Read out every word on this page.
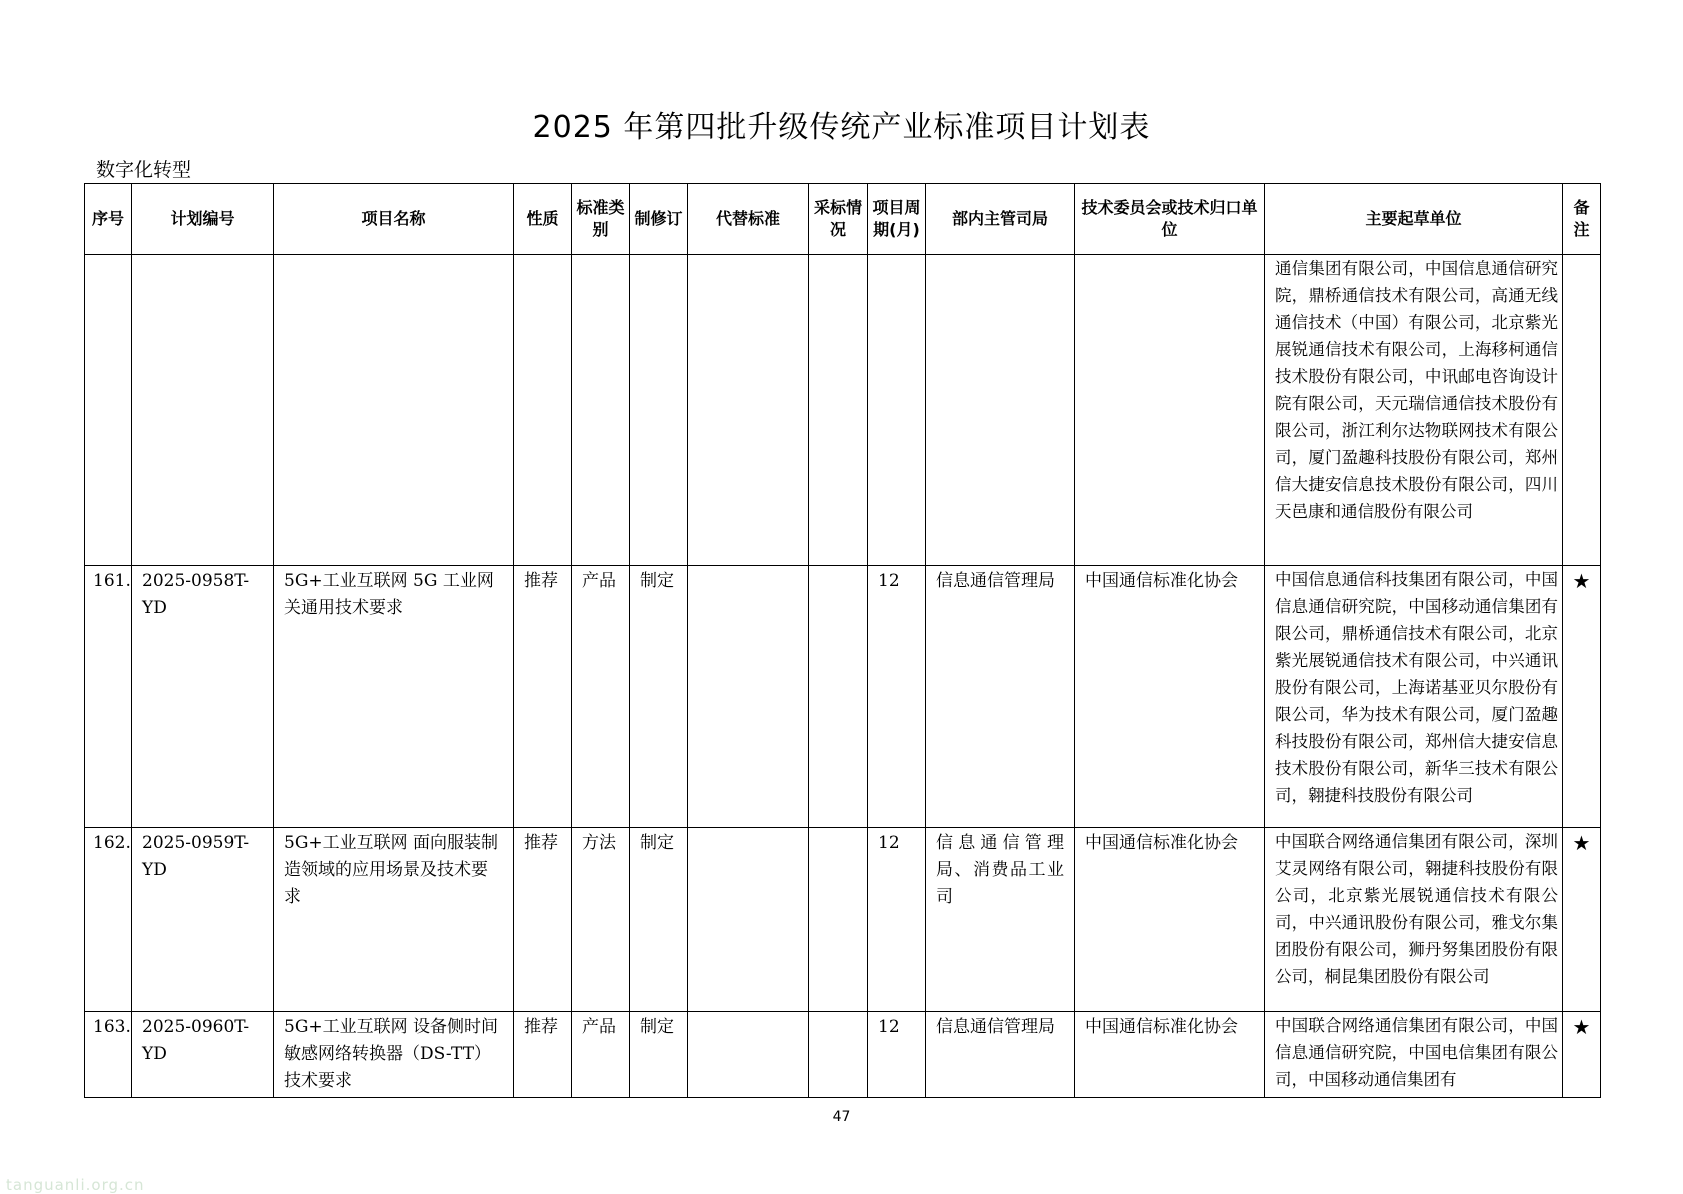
2025 年第四批升级传统产业标准项目计划表
数字化转型
序号	计划编号	项目名称	性质	标准类别	制修订	代替标准	采标情况	项目周期(月)	部内主管司局	技术委员会或技术归口单位	主要起草单位	备注
											通信集团有限公司，中国信息通信研究院，鼎桥通信技术有限公司，高通无线通信技术（中国）有限公司，北京紫光展锐通信技术有限公司，上海移柯通信技术股份有限公司，中讯邮电咨询设计院有限公司，天元瑞信通信技术股份有限公司，浙江利尔达物联网技术有限公司，厦门盈趣科技股份有限公司，郑州信大捷安信息技术股份有限公司，四川天邑康和通信股份有限公司	
161.	2025-0958T-YD	5G+工业互联网 5G 工业网关通用技术要求	推荐	产品	制定			12	信息通信管理局	中国通信标准化协会	中国信息通信科技集团有限公司，中国信息通信研究院，中国移动通信集团有限公司，鼎桥通信技术有限公司，北京紫光展锐通信技术有限公司，中兴通讯股份有限公司，上海诺基亚贝尔股份有限公司，华为技术有限公司，厦门盈趣科技股份有限公司，郑州信大捷安信息技术股份有限公司，新华三技术有限公司，翱捷科技股份有限公司	★
162.	2025-0959T-YD	5G+工业互联网 面向服装制造领域的应用场景及技术要求	推荐	方法	制定			12	信息通信管理局、消费品工业司	中国通信标准化协会	中国联合网络通信集团有限公司，深圳艾灵网络有限公司，翱捷科技股份有限公司，北京紫光展锐通信技术有限公司，中兴通讯股份有限公司，雅戈尔集团股份有限公司，狮丹努集团股份有限公司，桐昆集团股份有限公司	★
163.	2025-0960T-YD	5G+工业互联网 设备侧时间敏感网络转换器（DS-TT）技术要求	推荐	产品	制定			12	信息通信管理局	中国通信标准化协会	中国联合网络通信集团有限公司，中国信息通信研究院，中国电信集团有限公司，中国移动通信集团有	★
47
tanguanli.org.cn
